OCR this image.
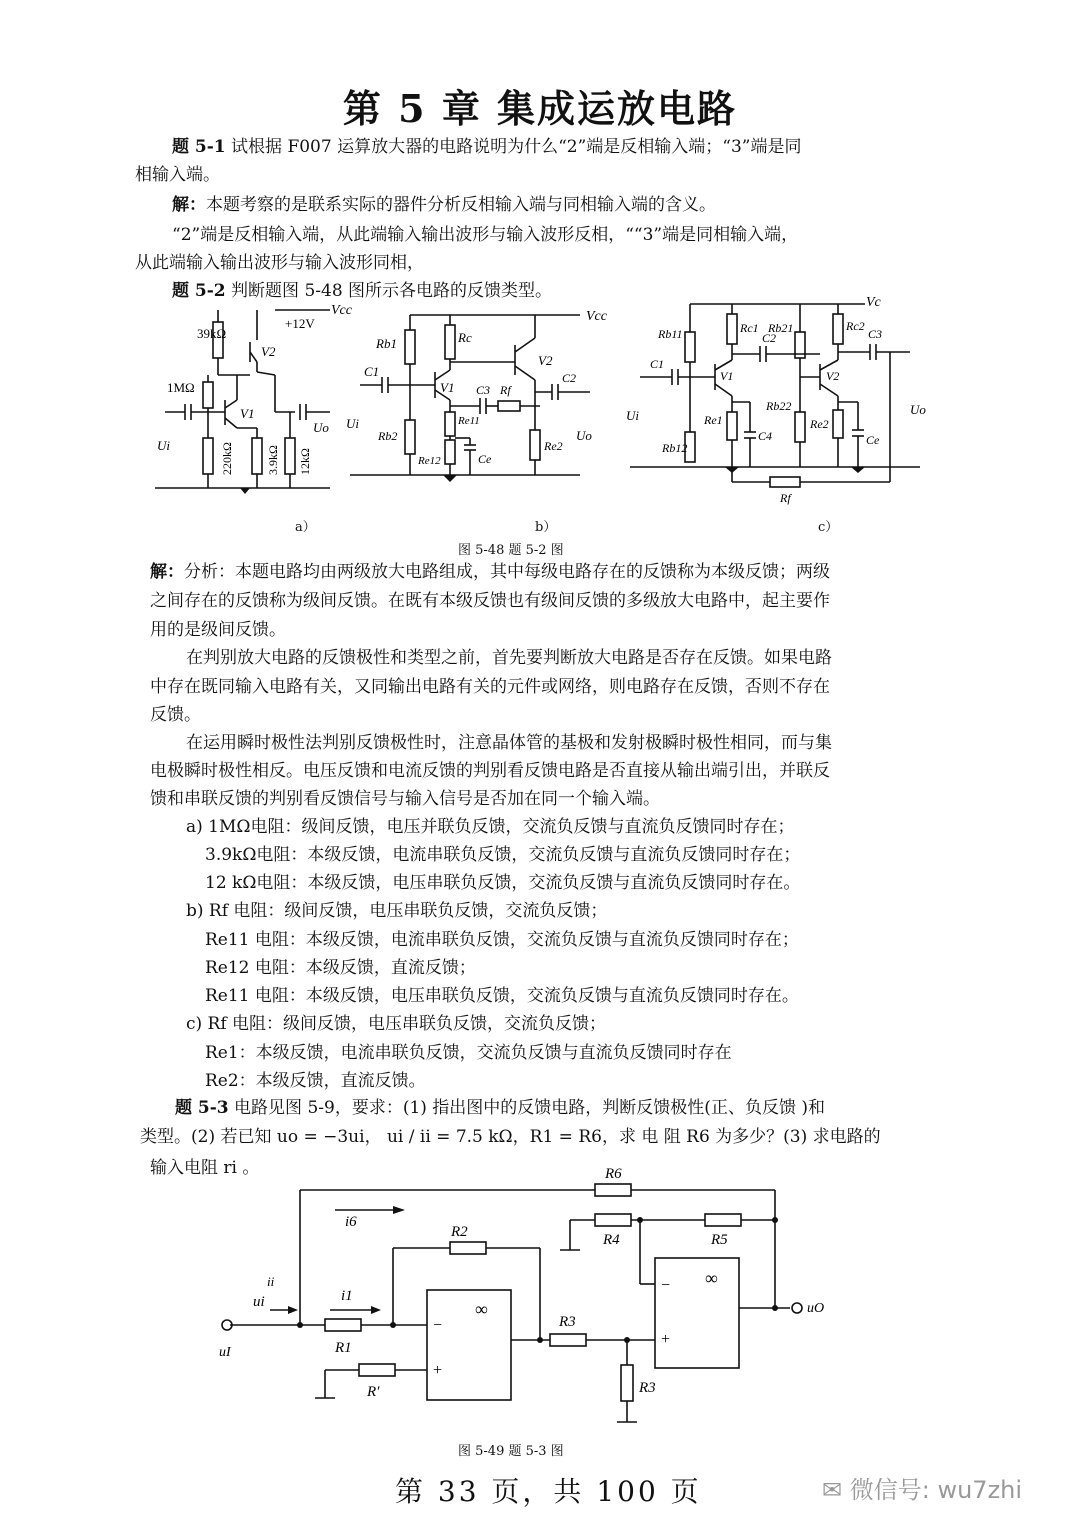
第 5 章 集成运放电路
题 5-1 试根据 F007 运算放大器的电路说明为什么“2”端是反相输入端；“3”端是同
相输入端。
解：本题考察的是联系实际的器件分析反相输入端与同相输入端的含义。
“2”端是反相输入端，从此端输入输出波形与输入波形反相，““3”端是同相输入端，
从此端输入输出波形与输入波形同相，
题 5-2 判断题图 5-48 图所示各电路的反馈类型。
39kΩ
+12V
V2
1MΩ
V1
Ui
Uo
Vcc
220kΩ	3.9kΩ 12kΩ
Rb1	Rc
C1
V1
V2
C3 Rf
C2
Rb2
Re11
Re12	Ce
Re2
Ui
Uo
Vcc
Rb11	Rc1 Rb21	Rc2
C1
C2	C3
V1	V2
Re1
Rb12
C4
Rb22
Re2
Ce
Rf
Ui	Uo
Vc
a）	b）	c）
图 5-48 题 5-2 图
解：分析：本题电路均由两级放大电路组成，其中每级电路存在的反馈称为本级反馈；两级
之间存在的反馈称为级间反馈。在既有本级反馈也有级间反馈的多级放大电路中，起主要作
用的是级间反馈。
在判别放大电路的反馈极性和类型之前，首先要判断放大电路是否存在反馈。如果电路
中存在既同输入电路有关，又同输出电路有关的元件或网络，则电路存在反馈，否则不存在
反馈。
在运用瞬时极性法判别反馈极性时，注意晶体管的基极和发射极瞬时极性相同，而与集
电极瞬时极性相反。电压反馈和电流反馈的判别看反馈电路是否直接从输出端引出，并联反
馈和串联反馈的判别看反馈信号与输入信号是否加在同一个输入端。
a) 1MΩ电阻：级间反馈，电压并联负反馈，交流负反馈与直流负反馈同时存在；
3.9kΩ电阻：本级反馈，电流串联负反馈，交流负反馈与直流负反馈同时存在；
12 kΩ电阻：本级反馈，电压串联负反馈，交流负反馈与直流负反馈同时存在。
b) Rf 电阻：级间反馈，电压串联负反馈，交流负反馈；
Re11 电阻：本级反馈，电流串联负反馈，交流负反馈与直流负反馈同时存在；
Re12 电阻：本级反馈，直流反馈；
Re11 电阻：本级反馈，电压串联负反馈，交流负反馈与直流负反馈同时存在。
c) Rf 电阻：级间反馈，电压串联负反馈，交流负反馈；
Re1：本级反馈，电流串联负反馈，交流负反馈与直流负反馈同时存在
Re2：本级反馈，直流反馈。
题 5-3 电路见图 5-9，要求：(1) 指出图中的反馈电路，判断反馈极性(正、负反馈 )和
类型。(2) 若已知 uo = −3ui， ui / ii = 7.5 kΩ，R1 = R6，求 电 阻 R6 为多少？(3) 求电路的
输入电阻 ri 。	R6
i6
R2	R4	R5
ii
ui	i1
R1
R3
R3
R′
uI
uO
∞
−
+
∞
−
+
图 5-49 题 5-3 图
第 33 页，共 100 页	✉ 微信号: wu7zhi
